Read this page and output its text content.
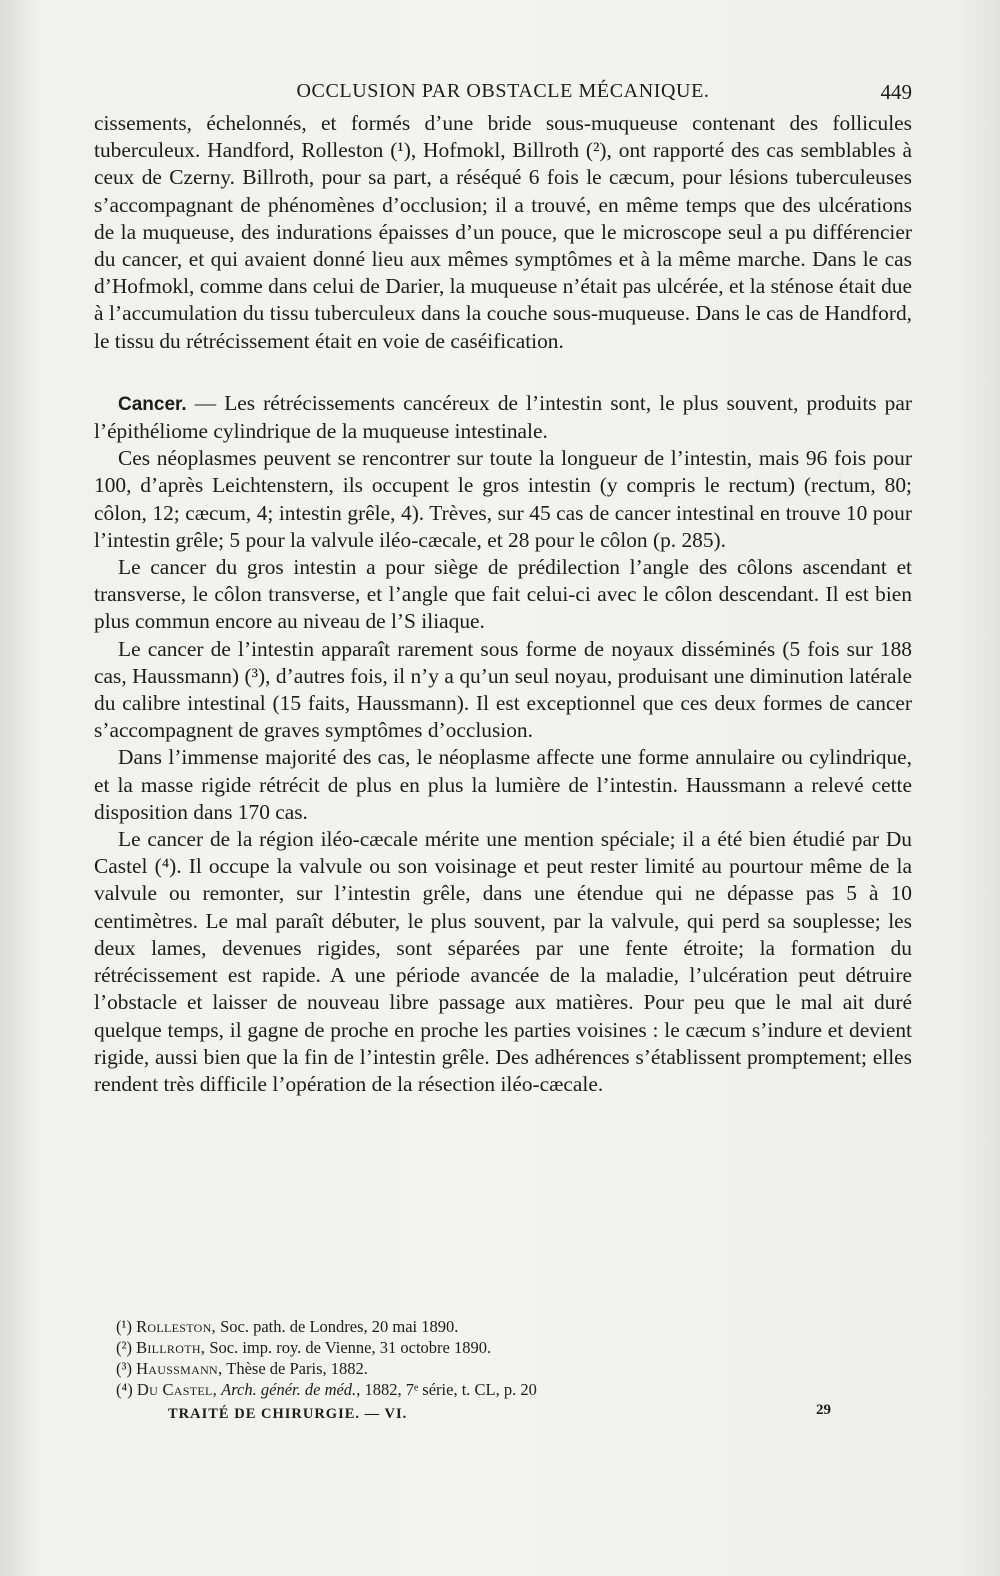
OCCLUSION PAR OBSTACLE MÉCANIQUE.	449

cissements, échelonnés, et formés d’une bride sous-muqueuse contenant des follicules tuberculeux. Handford, Rolleston (¹), Hofmokl, Billroth (²), ont rapporté des cas semblables à ceux de Czerny. Billroth, pour sa part, a réséqué 6 fois le cæcum, pour lésions tuberculeuses s’accompagnant de phénomènes d’occlusion; il a trouvé, en même temps que des ulcérations de la muqueuse, des indurations épaisses d’un pouce, que le microscope seul a pu différencier du cancer, et qui avaient donné lieu aux mêmes symptômes et à la même marche. Dans le cas d’Hofmokl, comme dans celui de Darier, la muqueuse n’était pas ulcérée, et la sténose était due à l’accumulation du tissu tuberculeux dans la couche sous-muqueuse. Dans le cas de Handford, le tissu du rétrécissement était en voie de caséification.

Cancer. — Les rétrécissements cancéreux de l’intestin sont, le plus souvent, produits par l’épithéliome cylindrique de la muqueuse intestinale.

Ces néoplasmes peuvent se rencontrer sur toute la longueur de l’intestin, mais 96 fois pour 100, d’après Leichtenstern, ils occupent le gros intestin (y compris le rectum) (rectum, 80; côlon, 12; cæcum, 4; intestin grêle, 4). Trèves, sur 45 cas de cancer intestinal en trouve 10 pour l’intestin grêle; 5 pour la valvule iléo-cæcale, et 28 pour le côlon (p. 285).

Le cancer du gros intestin a pour siège de prédilection l’angle des côlons ascendant et transverse, le côlon transverse, et l’angle que fait celui-ci avec le côlon descendant. Il est bien plus commun encore au niveau de l’S iliaque.

Le cancer de l’intestin apparaît rarement sous forme de noyaux disséminés (5 fois sur 188 cas, Haussmann) (³), d’autres fois, il n’y a qu’un seul noyau, produisant une diminution latérale du calibre intestinal (15 faits, Haussmann). Il est exceptionnel que ces deux formes de cancer s’accompagnent de graves symptômes d’occlusion.

Dans l’immense majorité des cas, le néoplasme affecte une forme annulaire ou cylindrique, et la masse rigide rétrécit de plus en plus la lumière de l’intestin. Haussmann a relevé cette disposition dans 170 cas.

Le cancer de la région iléo-cæcale mérite une mention spéciale; il a été bien étudié par Du Castel (⁴). Il occupe la valvule ou son voisinage et peut rester limité au pourtour même de la valvule ou remonter, sur l’intestin grêle, dans une étendue qui ne dépasse pas 5 à 10 centimètres. Le mal paraît débuter, le plus souvent, par la valvule, qui perd sa souplesse; les deux lames, devenues rigides, sont séparées par une fente étroite; la formation du rétrécissement est rapide. A une période avancée de la maladie, l’ulcération peut détruire l’obstacle et laisser de nouveau libre passage aux matières. Pour peu que le mal ait duré quelque temps, il gagne de proche en proche les parties voisines : le cæcum s’indure et devient rigide, aussi bien que la fin de l’intestin grêle. Des adhérences s’établissent promptement; elles rendent très difficile l’opération de la résection iléo-cæcale.

(¹) Rolleston, Soc. path. de Londres, 20 mai 1890.
(²) Billroth, Soc. imp. roy. de Vienne, 31 octobre 1890.
(³) Haussmann, Thèse de Paris, 1882.
(⁴) Du Castel, Arch. génér. de méd., 1882, 7ᵉ série, t. CL, p. 20
TRAITÉ DE CHIRURGIE. — VI.	29
